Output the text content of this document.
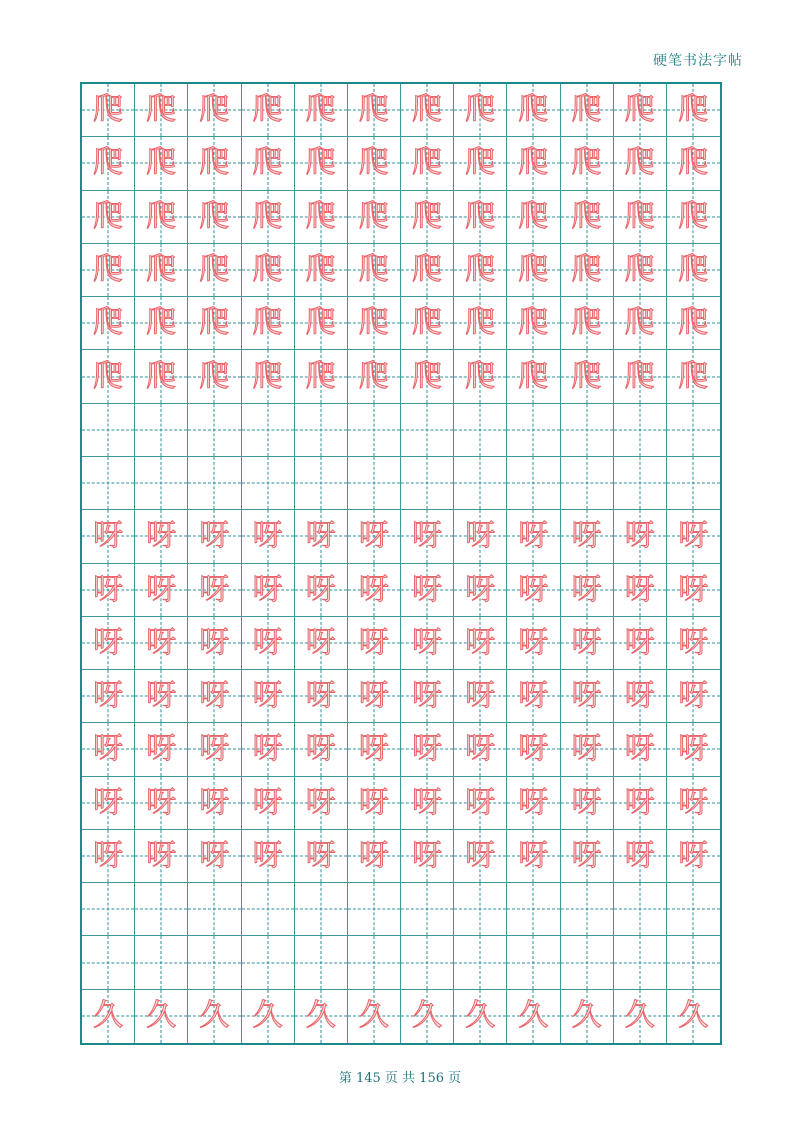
硬笔书法字帖
爬 爬 爬 爬 爬 爬 爬 爬 爬 爬 爬 爬
爬 爬 爬 爬 爬 爬 爬 爬 爬 爬 爬 爬
爬 爬 爬 爬 爬 爬 爬 爬 爬 爬 爬 爬
爬 爬 爬 爬 爬 爬 爬 爬 爬 爬 爬 爬
爬 爬 爬 爬 爬 爬 爬 爬 爬 爬 爬 爬
爬 爬 爬 爬 爬 爬 爬 爬 爬 爬 爬 爬
呀 呀 呀 呀 呀 呀 呀 呀 呀 呀 呀 呀
呀 呀 呀 呀 呀 呀 呀 呀 呀 呀 呀 呀
呀 呀 呀 呀 呀 呀 呀 呀 呀 呀 呀 呀
呀 呀 呀 呀 呀 呀 呀 呀 呀 呀 呀 呀
呀 呀 呀 呀 呀 呀 呀 呀 呀 呀 呀 呀
呀 呀 呀 呀 呀 呀 呀 呀 呀 呀 呀 呀
呀 呀 呀 呀 呀 呀 呀 呀 呀 呀 呀 呀
久 久 久 久 久 久 久 久 久 久 久 久
第 145 页 共 156 页
